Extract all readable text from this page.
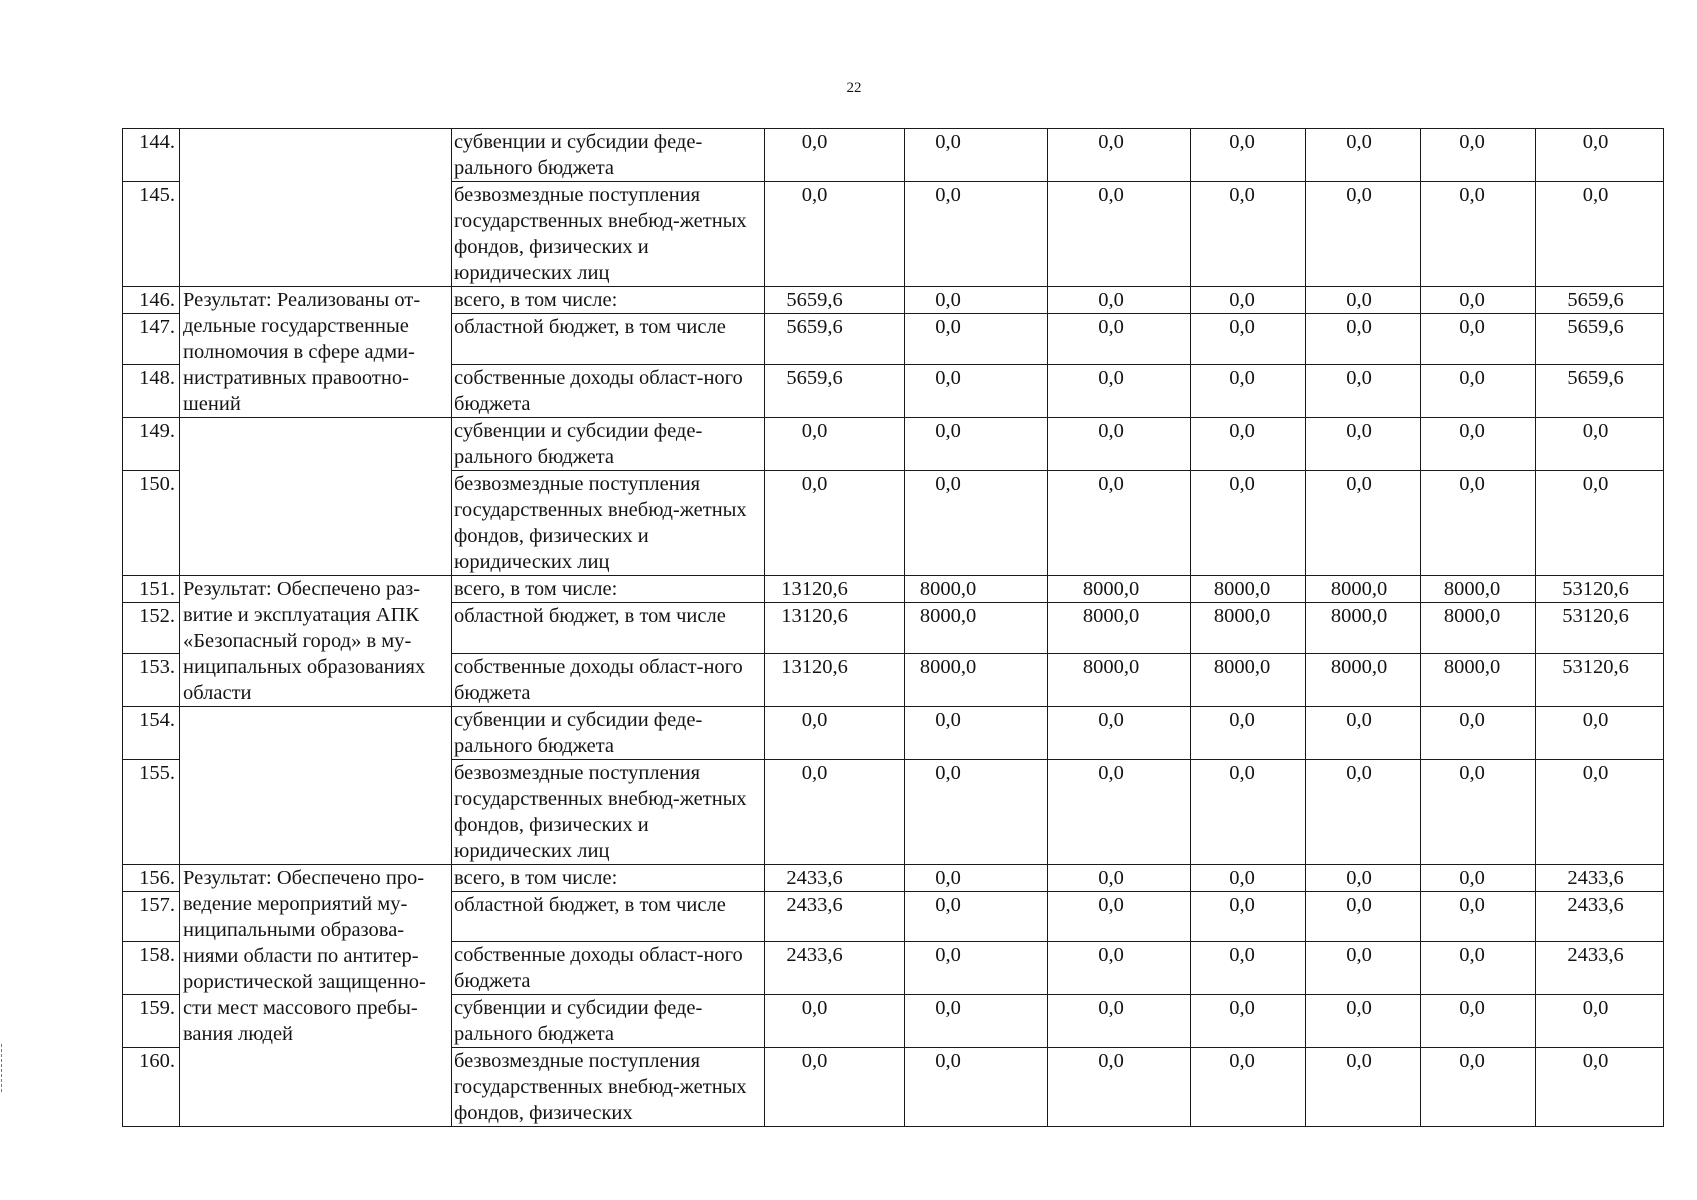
22
144.		субвенции и субсидии феде-ральнoго бюджета	0,0	0,0	0,0	0,0	0,0	0,0	0,0
145.		безвозмездные поступления государственных внебюд-жетных фондов, физических и юридических лиц	0,0	0,0	0,0	0,0	0,0	0,0	0,0
146.	Результат: Реализованы от-дельные государственные полномочия в сфере адми-нистративных правоотно-шений	всего, в том числе:	5659,6	0,0	0,0	0,0	0,0	0,0	5659,6
147.		областной бюджет, в том числе	5659,6	0,0	0,0	0,0	0,0	0,0	5659,6
148.		собственные доходы област-ного бюджета	5659,6	0,0	0,0	0,0	0,0	0,0	5659,6
149.		субвенции и субсидии феде-рального бюджета	0,0	0,0	0,0	0,0	0,0	0,0	0,0
150.		безвозмездные поступления государственных внебюд-жетных фондов, физических и юридических лиц	0,0	0,0	0,0	0,0	0,0	0,0	0,0
151.	Результат: Обеспечено раз-витие и эксплуатация АПК «Безопасный город» в му-ниципальных образованиях области	всего, в том числе:	13120,6	8000,0	8000,0	8000,0	8000,0	8000,0	53120,6
152.		областной бюджет, в том числе	13120,6	8000,0	8000,0	8000,0	8000,0	8000,0	53120,6
153.		собственные доходы област-ного бюджета	13120,6	8000,0	8000,0	8000,0	8000,0	8000,0	53120,6
154.		субвенции и субсидии феде-рального бюджета	0,0	0,0	0,0	0,0	0,0	0,0	0,0
155.		безвозмездные поступления государственных внебюд-жетных фондов, физических и юридических лиц	0,0	0,0	0,0	0,0	0,0	0,0	0,0
156.	Результат: Обеспечено про-ведение мероприятий му-ниципальными образова-ниями области по антитер-рористической защищенно-сти мест массового пребы-вания людей	всего, в том числе:	2433,6	0,0	0,0	0,0	0,0	0,0	2433,6
157.		областной бюджет, в том числе	2433,6	0,0	0,0	0,0	0,0	0,0	2433,6
158.		собственные доходы област-ного бюджета	2433,6	0,0	0,0	0,0	0,0	0,0	2433,6
159.		субвенции и субсидии феде-рального бюджета	0,0	0,0	0,0	0,0	0,0	0,0	0,0
160.		безвозмездные поступления государственных внебюд-жетных фондов, физических	0,0	0,0	0,0	0,0	0,0	0,0	0,0
